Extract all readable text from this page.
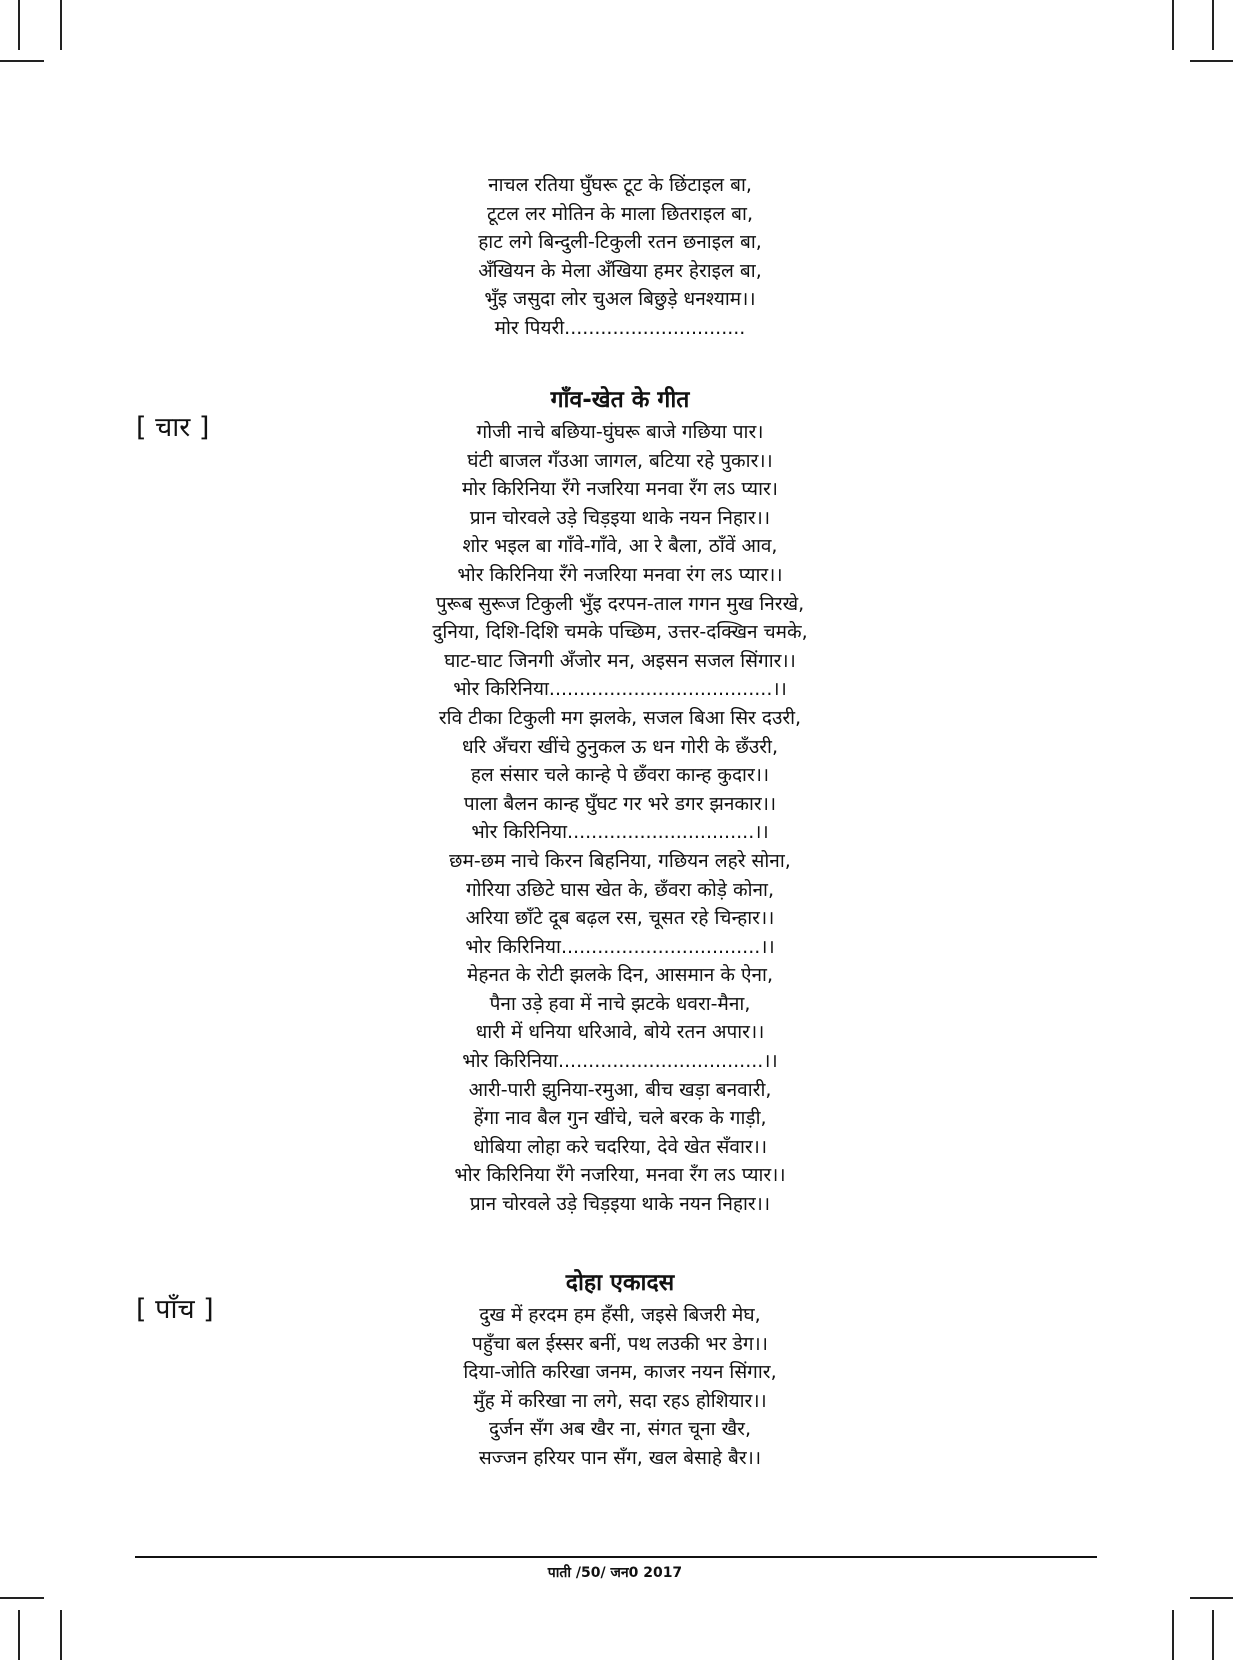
नाचल रतिया घुँघरू टूट के छिंटाइल बा,
टूटल लर मोतिन के माला छितराइल बा,
हाट लगे बिन्दुली-टिकुली रतन छनाइल बा,
अँखियन के मेला अँखिया हमर हेराइल बा,
भुँइ जसुदा लोर चुअल बिछुड़े धनश्याम।।
मोर पियरी..............................
[ चार ]
गाँव-खेत के गीत
गोजी नाचे बछिया-घुंघरू बाजे गछिया पार।
घंटी बाजल गँउआ जागल, बटिया रहे पुकार।।
मोर किरिनिया रँगे नजरिया मनवा रँग लऽ प्यार।
प्रान चोरवले उड़े चिड़इया थाके नयन निहार।।
शोर भइल बा गाँवे-गाँवे, आ रे बैला, ठाँवें आव,
भोर किरिनिया रँगे नजरिया मनवा रंग लऽ प्यार।।
पुरूब सुरूज टिकुली भुँइ दरपन-ताल गगन मुख निरखे,
दुनिया, दिशि-दिशि चमके पच्छिम, उत्तर-दक्खिन चमके,
घाट-घाट जिनगी अँजोर मन, अइसन सजल सिंगार।।
भोर किरिनिया.....................................।।
रवि टीका टिकुली मग झलके, सजल बिआ सिर दउरी,
धरि अँचरा खींचे ठुनुकल ऊ धन गोरी के छँउरी,
हल संसार चले कान्हे पे छँवरा कान्ह कुदार।।
पाला बैलन कान्ह घुँघट गर भरे डगर झनकार।।
भोर किरिनिया...............................।।
छम-छम नाचे किरन बिहनिया, गछियन लहरे सोना,
गोरिया उछिटे घास खेत के, छँवरा कोड़े कोना,
अरिया छाँटे दूब बढ़ल रस, चूसत रहे चिन्हार।।
भोर किरिनिया.................................।।
मेहनत के रोटी झलके दिन, आसमान के ऐना,
पैना उड़े हवा में नाचे झटके धवरा-मैना,
धारी में धनिया धरिआवे, बोये रतन अपार।।
भोर किरिनिया..................................।।
आरी-पारी झुनिया-रमुआ, बीच खड़ा बनवारी,
हेंगा नाव बैल गुन खींचे, चले बरक के गाड़ी,
धोबिया लोहा करे चदरिया, देवे खेत सँवार।।
भोर किरिनिया रँगे नजरिया, मनवा रँग लऽ प्यार।।
प्रान चोरवले उड़े चिड़इया थाके नयन निहार।।
[ पाँच ]
दोहा एकादस
दुख में हरदम हम हँसी, जइसे बिजरी मेघ,
पहुँचा बल ईस्सर बनीं, पथ लउकी भर डेग।।
दिया-जोति करिखा जनम, काजर नयन सिंगार,
मुँह में करिखा ना लगे, सदा रहऽ होशियार।।
दुर्जन सँग अब खैर ना, संगत चूना खैर,
सज्जन हरियर पान सँग, खल बेसाहे बैर।।
पाती /50/ जन0 2017
